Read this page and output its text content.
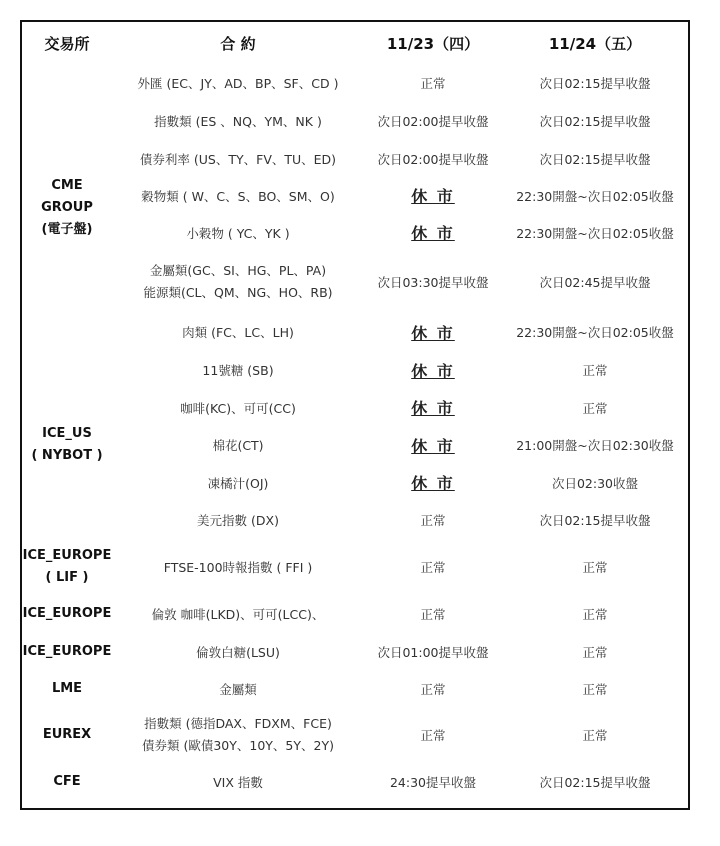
交易所	合 約	11/23（四）	11/24（五）

CME
GROUP
(電子盤)	外匯 (EC、JY、AD、BP、SF、CD )	正常	次日02:15提早收盤
	指數類 (ES 、NQ、YM、NK )	次日02:00提早收盤	次日02:15提早收盤
	債券利率 (US、TY、FV、TU、ED)	次日02:00提早收盤	次日02:15提早收盤
	穀物類 ( W、C、S、BO、SM、O)	休 市	22:30開盤~次日02:05收盤
	小穀物 ( YC、YK )	休 市	22:30開盤~次日02:05收盤

	金屬類(GC、SI、HG、PL、PA)
能源類(CL、QM、NG、HO、RB)	次日03:30提早收盤	次日02:45提早收盤
	肉類 (FC、LC、LH)	休 市	22:30開盤~次日02:05收盤

ICE_US
( NYBOT )	11號糖 (SB)	休 市	正常
	咖啡(KC)、可可(CC)	休 市	正常
	棉花(CT)	休 市	21:00開盤~次日02:30收盤
	凍橘汁(OJ)	休 市	次日02:30收盤
	美元指數 (DX)	正常	次日02:15提早收盤

ICE_EUROPE
( LIF )	FTSE-100時報指數 ( FFI )	正常	正常
ICE_EUROPE	倫敦 咖啡(LKD)、可可(LCC)、	正常	正常
ICE_EUROPE	倫敦白糖(LSU)	次日01:00提早收盤	正常
LME	金屬類	正常	正常
EUREX	指數類 (德指DAX、FDXM、FCE)
債券類 (歐債30Y、10Y、5Y、2Y)	正常	正常
CFE	VIX 指數	24:30提早收盤	次日02:15提早收盤
